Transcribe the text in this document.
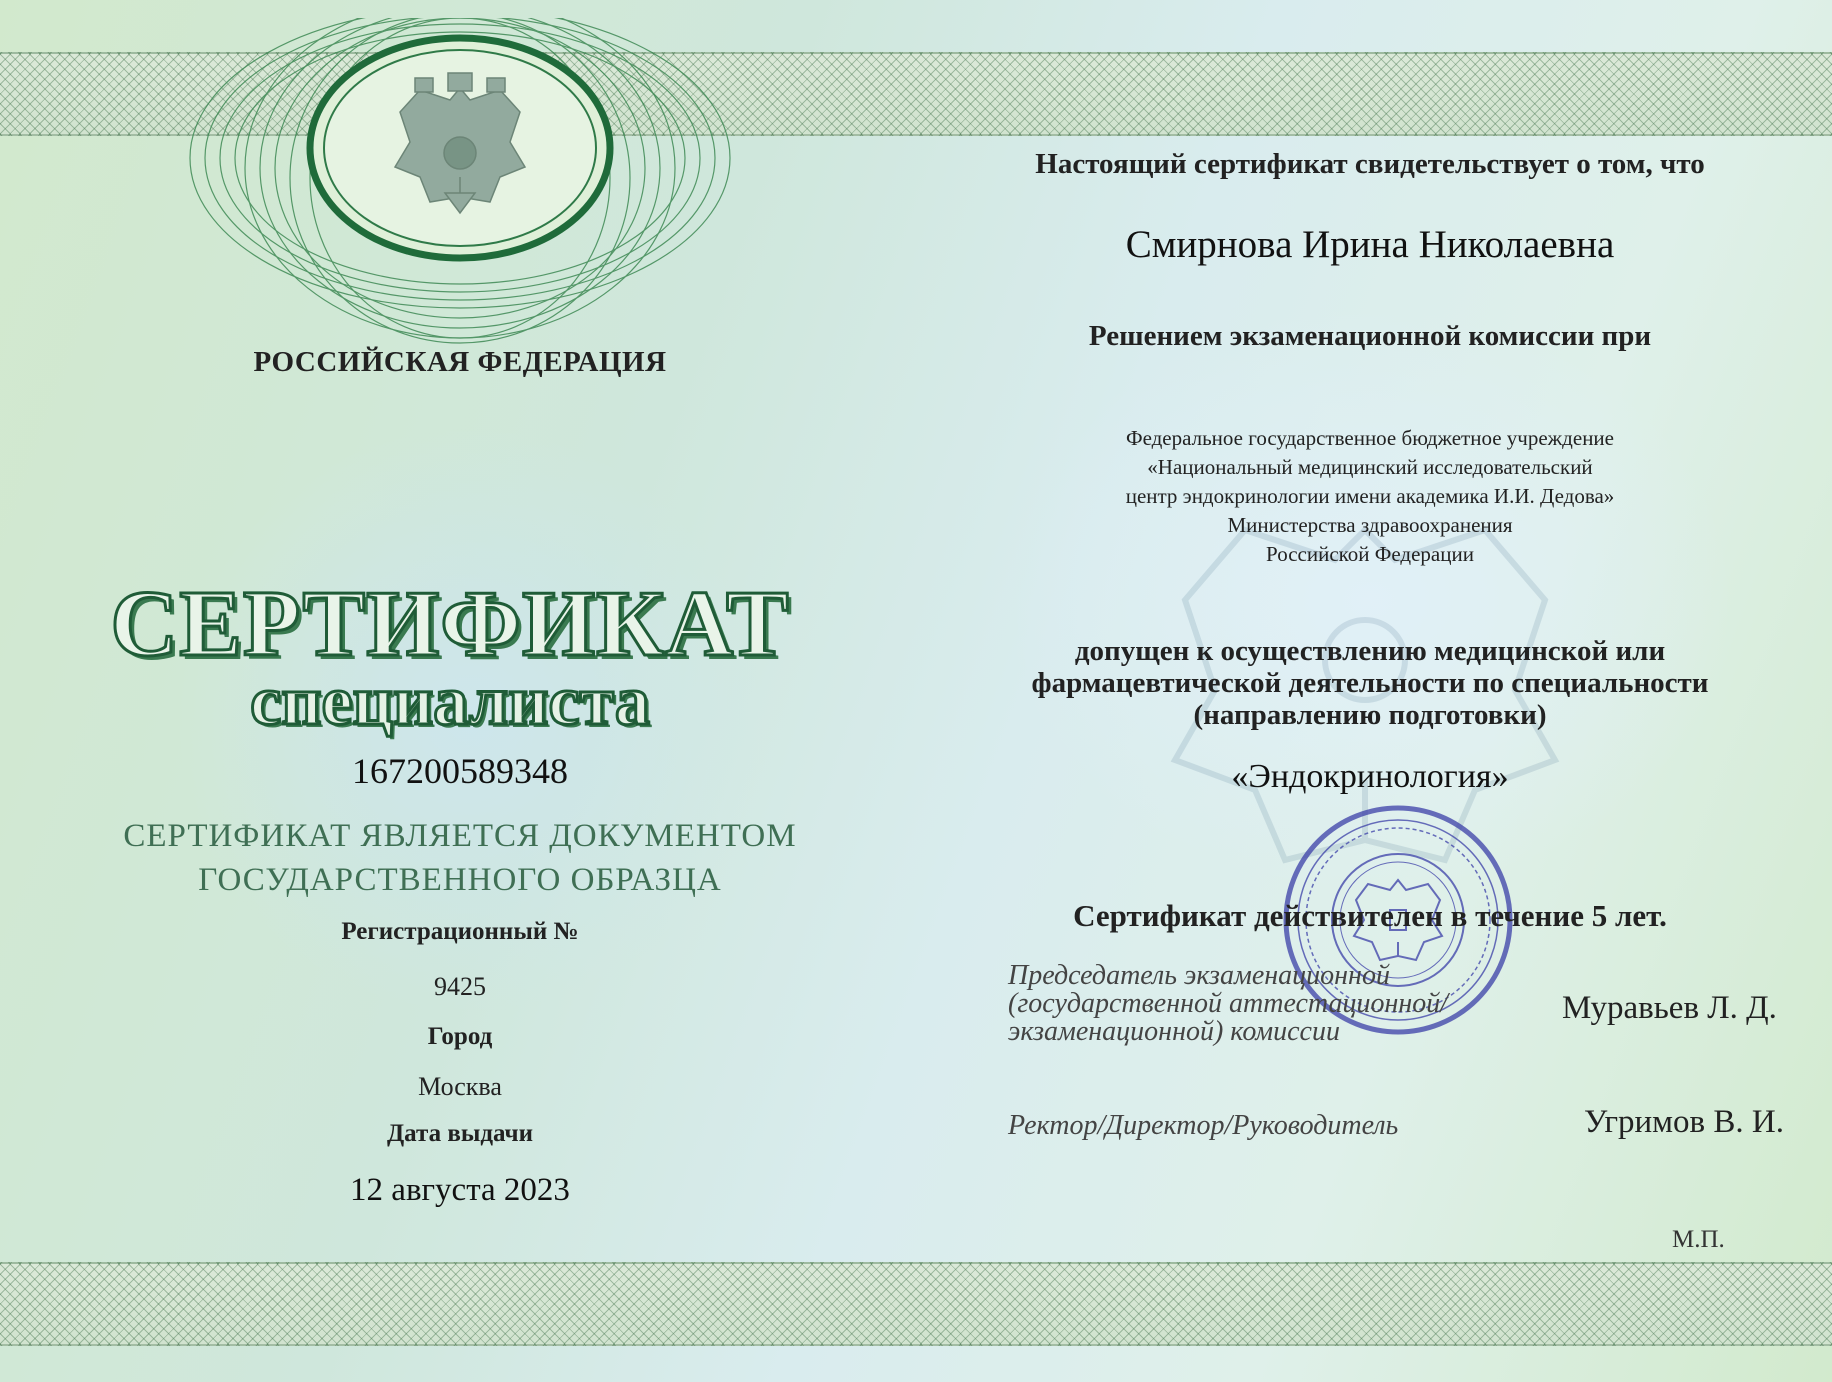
РОССИЙСКАЯ ФЕДЕРАЦИЯ
СЕРТИФИКАТ
специалиста
167200589348
СЕРТИФИКАТ ЯВЛЯЕТСЯ ДОКУМЕНТОМ
ГОСУДАРСТВЕННОГО ОБРАЗЦА
Регистрационный №
9425
Город
Москва
Дата выдачи
12 августа 2023
Настоящий сертификат свидетельствует о том, что
Смирнова Ирина Николаевна
Решением экзаменационной комиссии при
Федеральное государственное бюджетное учреждение
«Национальный медицинский исследовательский
центр эндокринологии имени академика И.И. Дедова»
Министерства здравоохранения
Российской Федерации
допущен к осуществлению медицинской или
фармацевтической деятельности по специальности
(направлению подготовки)
«Эндокринология»
Сертификат действителен в течение 5 лет.
Председатель экзаменационной
(государственной аттестационной/
экзаменационной) комиссии
Муравьев Л. Д.
Ректор/Директор/Руководитель	Угримов В. И.
М.П.
